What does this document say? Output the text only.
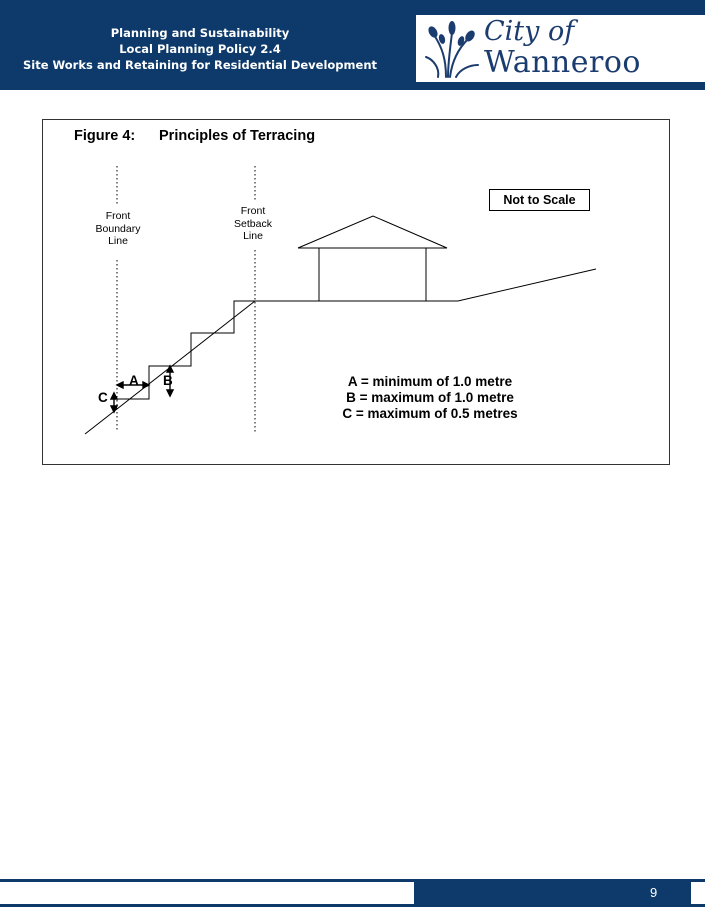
Planning and Sustainability
Local Planning Policy 2.4
Site Works and Retaining for Residential Development
City of
Wanneroo
Figure 4: Principles of Terracing
Not to Scale
Front
Boundary
Line
Front
Setback
Line
A B
C
A = minimum of 1.0 metre
B = maximum of 1.0 metre
C = maximum of 0.5 metres
9
